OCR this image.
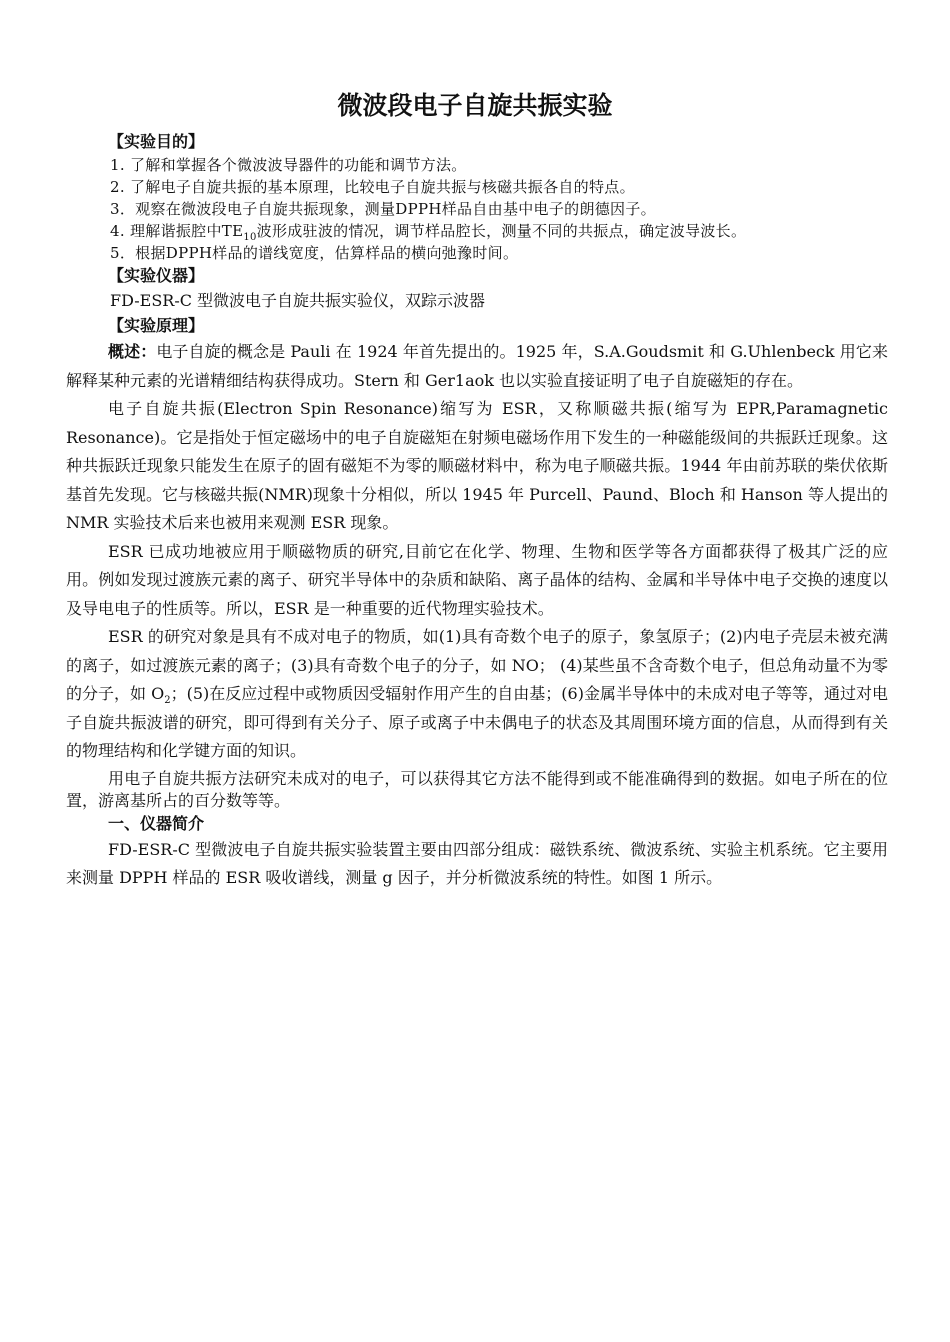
微波段电子自旋共振实验
【实验目的】
1. 了解和掌握各个微波波导器件的功能和调节方法。
2. 了解电子自旋共振的基本原理，比较电子自旋共振与核磁共振各自的特点。
3．观察在微波段电子自旋共振现象，测量DPPH样品自由基中电子的朗德因子。
4. 理解谐振腔中$TE_{10}$波形成驻波的情况，调节样品腔长，测量不同的共振点，确定波导波长。
5．根据DPPH样品的谱线宽度，估算样品的横向弛豫时间。
【实验仪器】
FD-ESR-C 型微波电子自旋共振实验仪，双踪示波器
【实验原理】

概述：电子自旋的概念是 Pauli 在 1924 年首先提出的。1925 年，S.A.Goudsmit 和 G.Uhlenbeck 用它来解释某种元素的光谱精细结构获得成功。Stern 和 Ger1aok 也以实验直接证明了电子自旋磁矩的存在。

电子自旋共振(Electron Spin Resonance)缩写为 ESR，又称顺磁共振(缩写为 EPR,Paramagnetic Resonance)。它是指处于恒定磁场中的电子自旋磁矩在射频电磁场作用下发生的一种磁能级间的共振跃迁现象。这种共振跃迁现象只能发生在原子的固有磁矩不为零的顺磁材料中，称为电子顺磁共振。1944 年由前苏联的柴伏依斯基首先发现。它与核磁共振(NMR)现象十分相似，所以 1945 年 Purcell、Paund、Bloch 和 Hanson 等人提出的 NMR 实验技术后来也被用来观测 ESR 现象。

ESR 已成功地被应用于顺磁物质的研究,目前它在化学、物理、生物和医学等各方面都获得了极其广泛的应用。例如发现过渡族元素的离子、研究半导体中的杂质和缺陷、离子晶体的结构、金属和半导体中电子交换的速度以及导电电子的性质等。所以，ESR 是一种重要的近代物理实验技术。

ESR 的研究对象是具有不成对电子的物质，如(1)具有奇数个电子的原子，象氢原子；(2)内电子壳层未被充满的离子，如过渡族元素的离子；(3)具有奇数个电子的分子，如 NO； (4)某些虽不含奇数个电子，但总角动量不为零的分子，如 $O_2$；(5)在反应过程中或物质因受辐射作用产生的自由基；(6)金属半导体中的未成对电子等等，通过对电子自旋共振波谱的研究，即可得到有关分子、原子或离子中未偶电子的状态及其周围环境方面的信息，从而得到有关的物理结构和化学键方面的知识。

用电子自旋共振方法研究未成对的电子，可以获得其它方法不能得到或不能准确得到的数据。如电子所在的位置，游离基所占的百分数等等。

一、仪器简介

FD-ESR-C 型微波电子自旋共振实验装置主要由四部分组成：磁铁系统、微波系统、实验主机系统。它主要用来测量 DPPH 样品的 ESR 吸收谱线，测量 g 因子，并分析微波系统的特性。如图 1 所示。
